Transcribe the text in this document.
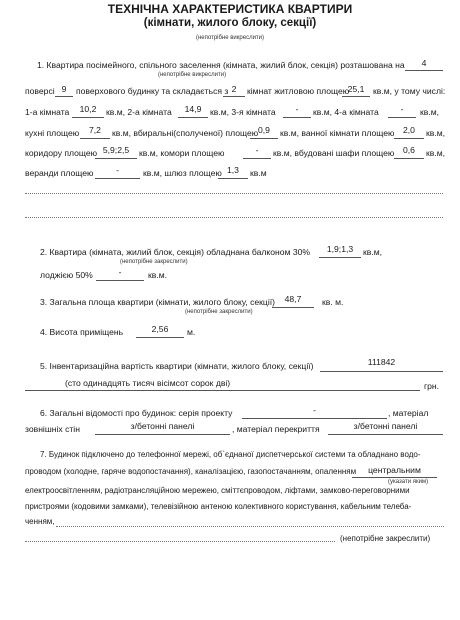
ТЕХНІЧНА ХАРАКТЕРИСТИКА КВАРТИРИ
(кімнати, жилого блоку, секції)
(непотрібне викреслити)
1. Квартира посімейного, спільного заселення (кімната, жилий блок, секція) розташована на	4
(непотрібне викреслити)
поверсі 9	поверхового будинку та складається з 2	кімнат житловою площею
25,1	кв.м, у тому числі:
1-а кімната	10,2	кв.м, 2-а кімната	14,9	кв.м, 3-я кімната	-	кв.м, 4-а кімната	-	кв.м,
кухні площею	7,2	кв.м, вбиральні(сполученої) площею 0,9	кв.м, ванної кімнати площею 2,0	кв.м,
коридору площею 5,9;2,5	кв.м, комори площею	-	кв.м, вбудовані шафи площею	0,6	кв.м,
веранди площею	-	кв.м, шлюз площею 1,3	кв.м
2. Квартира (кімната, жилий блок, секція) обладнана балконом 30%	1,9;1,3	кв.м,
(непотрібне закреслити)
лоджією 50%	-	кв.м.
3. Загальна площа квартири (кімнати, жилого блоку, секції)	48,7	кв. м.
(непотрібне закреслити)
4. Висота приміщень	2,56	м.
5. Інвентаризаційна вартість квартири (кімнати, жилого блоку, секції)	111842
(сто одинадцять тисяч вісімсот сорок дві)	грн.
6. Загальні відомості про будинок: серія проекту	-	, матеріал
зовнішніх стін	з/бетонні панелі	, матеріал перекриття	з/бетонні панелі
7. Будинок підключено до телефонної мережі, об`єднаної диспетчерської системи та обладнано водо-
проводом (холодне, гаряче водопостачання), каналізацією, газопостачанням, опаленням	центральним
(указати яким)
електроосвітленням, радіотрансляційною мережею, сміттєпроводом, ліфтами, замково-переговорними
пристроями (кодовими замками), телевізійною антеною колективного користування, кабельним телеба-
ченням,
(непотрібне закреслити)
